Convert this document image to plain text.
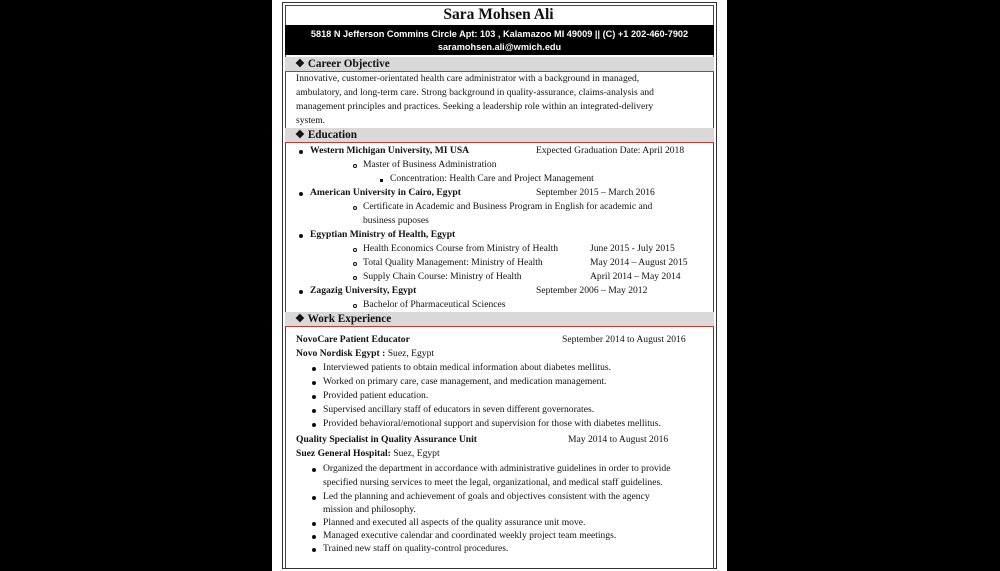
Sara Mohsen Ali
5818 N Jefferson Commins Circle Apt: 103 , Kalamazoo MI 49009 || (C) +1 202-460-7902
saramohsen.ali@wmich.edu
❖ Career Objective
Innovative, customer-orientated health care administrator with a background in managed,
ambulatory, and long-term care. Strong background in quality-assurance, claims-analysis and
management principles and practices. Seeking a leadership role within an integrated-delivery
system.
❖ Education
Western Michigan University, MI USA	Expected Graduation Date: April 2018
Master of Business Administration
Concentration: Health Care and Project Management
American University in Cairo, Egypt	September 2015 – March 2016
Certificate in Academic and Business Program in English for academic and
business puposes
Egyptian Ministry of Health, Egypt
Health Economics Course from Ministry of Health	June 2015 - July 2015
Total Quality Management: Ministry of Health	May 2014 – August 2015
Supply Chain Course: Ministry of Health	April 2014 – May 2014
Zagazig University, Egypt	September 2006 – May 2012
Bachelor of Pharmaceutical Sciences
❖ Work Experience
NovoCare Patient Educator	September 2014 to August 2016
Novo Nordisk Egypt : Suez, Egypt
Interviewed patients to obtain medical information about diabetes mellitus.
Worked on primary care, case management, and medication management.
Provided patient education.
Supervised ancillary staff of educators in seven different governorates.
Provided behavioral/emotional support and supervision for those with diabetes mellitus.
Quality Specialist in Quality Assurance Unit	May 2014 to August 2016
Suez General Hospital: Suez, Egypt
Organized the department in accordance with administrative guidelines in order to provide
specified nursing services to meet the legal, organizational, and medical staff guidelines.
Led the planning and achievement of goals and objectives consistent with the agency
mission and philosophy.
Planned and executed all aspects of the quality assurance unit move.
Managed executive calendar and coordinated weekly project team meetings.
Trained new staff on quality-control procedures.
